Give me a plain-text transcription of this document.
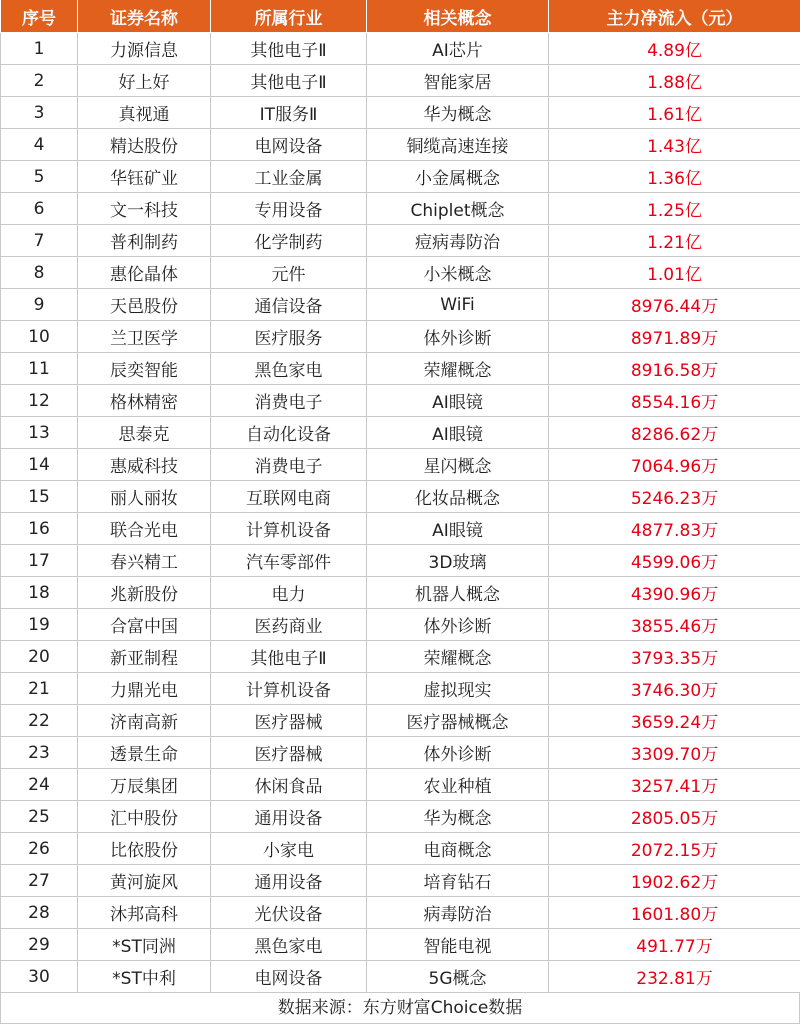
序号	证券名称	所属行业	相关概念	主力净流入（元）
1	力源信息	其他电子Ⅱ	AI芯片	4.89亿
2	好上好	其他电子Ⅱ	智能家居	1.88亿
3	真视通	IT服务Ⅱ	华为概念	1.61亿
4	精达股份	电网设备	铜缆高速连接	1.43亿
5	华钰矿业	工业金属	小金属概念	1.36亿
6	文一科技	专用设备	Chiplet概念	1.25亿
7	普利制药	化学制药	痘病毒防治	1.21亿
8	惠伦晶体	元件	小米概念	1.01亿
9	天邑股份	通信设备	WiFi	8976.44万
10	兰卫医学	医疗服务	体外诊断	8971.89万
11	辰奕智能	黑色家电	荣耀概念	8916.58万
12	格林精密	消费电子	AI眼镜	8554.16万
13	思泰克	自动化设备	AI眼镜	8286.62万
14	惠威科技	消费电子	星闪概念	7064.96万
15	丽人丽妆	互联网电商	化妆品概念	5246.23万
16	联合光电	计算机设备	AI眼镜	4877.83万
17	春兴精工	汽车零部件	3D玻璃	4599.06万
18	兆新股份	电力	机器人概念	4390.96万
19	合富中国	医药商业	体外诊断	3855.46万
20	新亚制程	其他电子Ⅱ	荣耀概念	3793.35万
21	力鼎光电	计算机设备	虚拟现实	3746.30万
22	济南高新	医疗器械	医疗器械概念	3659.24万
23	透景生命	医疗器械	体外诊断	3309.70万
24	万辰集团	休闲食品	农业种植	3257.41万
25	汇中股份	通用设备	华为概念	2805.05万
26	比依股份	小家电	电商概念	2072.15万
27	黄河旋风	通用设备	培育钻石	1902.62万
28	沐邦高科	光伏设备	病毒防治	1601.80万
29	*ST同洲	黑色家电	智能电视	491.77万
30	*ST中利	电网设备	5G概念	232.81万
数据来源：东方财富Choice数据
